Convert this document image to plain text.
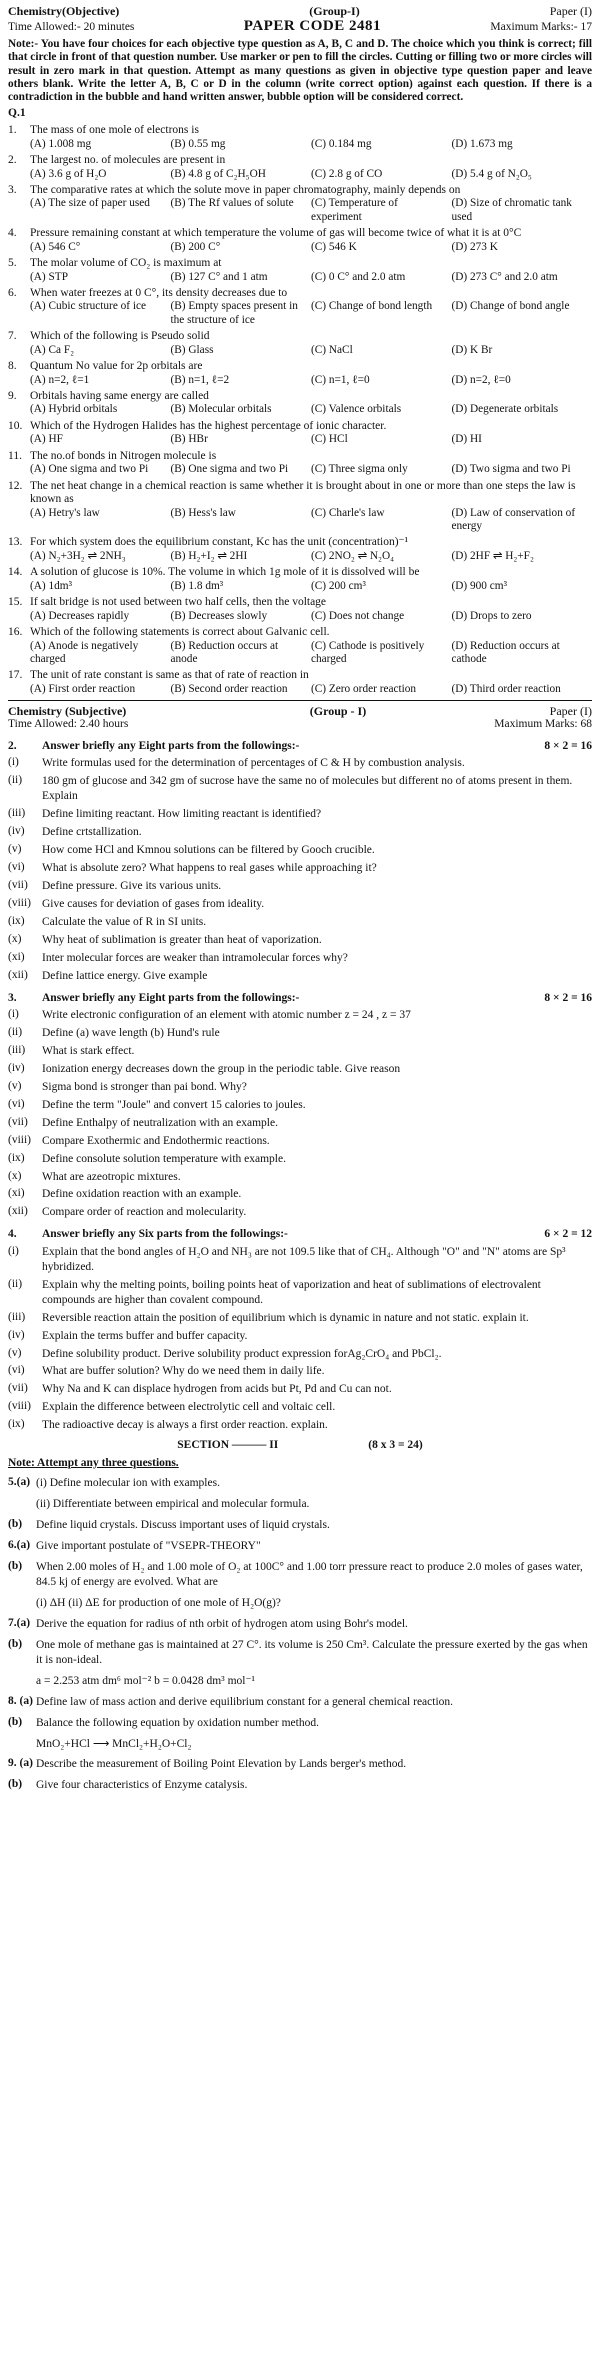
Chemistry(Objective)	(Group-I)	Paper (I)
Time Allowed:- 20 minutes	PAPER CODE 2481	Maximum Marks:- 17
Note:- You have four choices for each objective type question as A, B, C and D. The choice which you think is correct; fill that circle in front of that question number. Use marker or pen to fill the circles. Cutting or filling two or more circles will result in zero mark in that question. Attempt as many questions as given in objective type question paper and leave others blank. Write the letter A, B, C or D in the column (write correct option) against each question. If there is a contradiction in the bubble and hand written answer, bubble option will be considered correct.
Q.1
1.	The mass of one mole of electrons is
(A) 1.008 mg	(B) 0.55 mg	(C) 0.184 mg	(D) 1.673 mg
2.	The largest no. of molecules are present in
(A) 3.6 g of H₂O	(B) 4.8 g of C₂H₅OH	(C) 2.8 g of CO	(D) 5.4 g of N₂O₅
3.	The comparative rates at which the solute move in paper chromatography, mainly depends on
(A) The size of paper used	(B) The Rf values of solute	(C) Temperature of experiment
(D) Size of chromatic tank used
4.	Pressure remaining constant at which temperature the volume of gas will become twice of what it is at 0°C
(A) 546 C°	(B) 200 C°	(C) 546 K	(D) 273 K
5.	The molar volume of CO₂ is maximum at
(A) STP	(B) 127 C° and 1 atm	(C) 0 C° and 2.0 atm	(D) 273 C° and 2.0 atm
6.	When water freezes at 0 C°, its density decreases due to
(A) Cubic structure of ice	(B) Empty spaces present in the structure of ice
(C) Change of bond length	(D) Change of bond angle
7.	Which of the following is Pseudo solid
(A) Ca F₂	(B) Glass	(C) NaCl	(D) K Br
8.	Quantum No value for 2p orbitals are
(A) n=2, ℓ=1	(B) n=1, ℓ=2	(C) n=1, ℓ=0	(D) n=2, ℓ=0
9.	Orbitals having same energy are called
(A) Hybrid orbitals	(B) Molecular orbitals	(C) Valence orbitals	(D) Degenerate orbitals
10. Which of the Hydrogen Halides has the highest percentage of ionic character.
(A) HF	(B) HBr	(C) HCl	(D) HI
11. The no.of bonds in Nitrogen molecule is
(A) One sigma and two Pi	(B) One sigma and two Pi	(C) Three sigma only	(D) Two sigma and two Pi
12. The net heat change in a chemical reaction is same whether it is brought about in one or more than one steps the law is known as
(A) Hetry's law	(B) Hess's law	(C) Charle's law	(D) Law of conservation of energy
13. For which system does the equilibrium constant, Kc has the unit (concentration)⁻¹
(A) N₂+3H₂ ⇌ 2NH₃	(B) H₂+I₂ ⇌ 2HI	(C) 2NO₂ ⇌ N₂O₄	(D) 2HF ⇌ H₂+F₂
14. A solution of glucose is 10%. The volume in which 1g mole of it is dissolved will be
(A) 1dm³	(B) 1.8 dm³	(C) 200 cm³	(D) 900 cm³
15. If salt bridge is not used between two half cells, then the voltage
(A) Decreases rapidly	(B) Decreases slowly	(C) Does not change	(D) Drops to zero
16. Which of the following statements is correct about Galvanic cell.
(A) Anode is negatively charged
(B) Reduction occurs at anode
(C) Cathode is positively charged
(D) Reduction occurs at cathode
17. The unit of rate constant is same as that of rate of reaction in
(A) First order reaction	(B) Second order reaction	(C) Zero order reaction	(D) Third order reaction
Chemistry (Subjective)	(Group - I)	Paper (I)
Time Allowed: 2.40 hours	Maximum Marks: 68
2.	Answer briefly any Eight parts from the followings:-	8 × 2 = 16
(i)	Write formulas used for the determination of percentages of C & H by combustion analysis.
(ii)	180 gm of glucose and 342 gm of sucrose have the same no of molecules but different no of atoms present in them. Explain
(iii)	Define limiting reactant. How limiting reactant is identified?
(iv)	Define crtstallization.
(v)	How come HCl and Kmnou solutions can be filtered by Gooch crucible.
(vi)	What is absolute zero? What happens to real gases while approaching it?
(vii)	Define pressure. Give its various units.
(viii) Give causes for deviation of gases from ideality.
(ix)	Calculate the value of R in SI units.
(x)	Why heat of sublimation is greater than heat of vaporization.
(xi)	Inter molecular forces are weaker than intramolecular forces why?
(xii)	Define lattice energy. Give example
3.	Answer briefly any Eight parts from the followings:-	8 × 2 = 16
(i)	Write electronic configuration of an element with atomic number z = 24 , z = 37
(ii)	Define (a) wave length (b) Hund's rule
(iii)	What is stark effect.
(iv)	Ionization energy decreases down the group in the periodic table. Give reason
(v)	Sigma bond is stronger than pai bond. Why?
(vi)	Define the term "Joule" and convert 15 calories to joules.
(vii)	Define Enthalpy of neutralization with an example.
(viii) Compare Exothermic and Endothermic reactions.
(ix)	Define consolute solution temperature with example.
(x)	What are azeotropic mixtures.
(xi)	Define oxidation reaction with an example.
(xii)	Compare order of reaction and molecularity.
4.	Answer briefly any Six parts from the followings:-	6 × 2 = 12
(i)	Explain that the bond angles of H₂O and NH₃ are not 109.5 like that of CH₄. Although "O" and "N" atoms are Sp³ hybridized.
(ii)	Explain why the melting points, boiling points heat of vaporization and heat of sublimations of electrovalent compounds are higher than covalent compound.
(iii)	Reversible reaction attain the position of equilibrium which is dynamic in nature and not static. explain it.
(iv)	Explain the terms buffer and buffer capacity.
(v)	Define solubility product. Derive solubility product expression forAg₂CrO₄ and PbCl₂.
(vi)	What are buffer solution? Why do we need them in daily life.
(vii)	Why Na and K can displace hydrogen from acids but Pt, Pd and Cu can not.
(viii) Explain the difference between electrolytic cell and voltaic cell.
(ix)	The radioactive decay is always a first order reaction. explain.
SECTION ——— II	(8 x 3 = 24)
Note: Attempt any three questions.
5.(a) (i) Define molecular ion with examples.
(ii) Differentiate between empirical and molecular formula.
(b)	Define liquid crystals. Discuss important uses of liquid crystals.
6.(a) Give important postulate of "VSEPR-THEORY"
(b)	When 2.00 moles of H₂ and 1.00 mole of O₂ at 100C° and 1.00 torr pressure react to produce 2.0 moles of gases water, 84.5 kj of energy are evolved. What are
(i) ΔH (ii) ΔE for production of one mole of H₂O(g)?
7.(a) Derive the equation for radius of nth orbit of hydrogen atom using Bohr's model.
(b)	One mole of methane gas is maintained at 27 C°. its volume is 250 Cm³. Calculate the pressure exerted by the gas when it is non-ideal.
a = 2.253 atm dm⁶ mol⁻² b = 0.0428 dm³ mol⁻¹
8. (a) Define law of mass action and derive equilibrium constant for a general chemical reaction.
(b)	Balance the following equation by oxidation number method.
MnO₂+HCl ⟶ MnCl₂+H₂O+Cl₂
9. (a) Describe the measurement of Boiling Point Elevation by Lands berger's method.
(b)	Give four characteristics of Enzyme catalysis.
